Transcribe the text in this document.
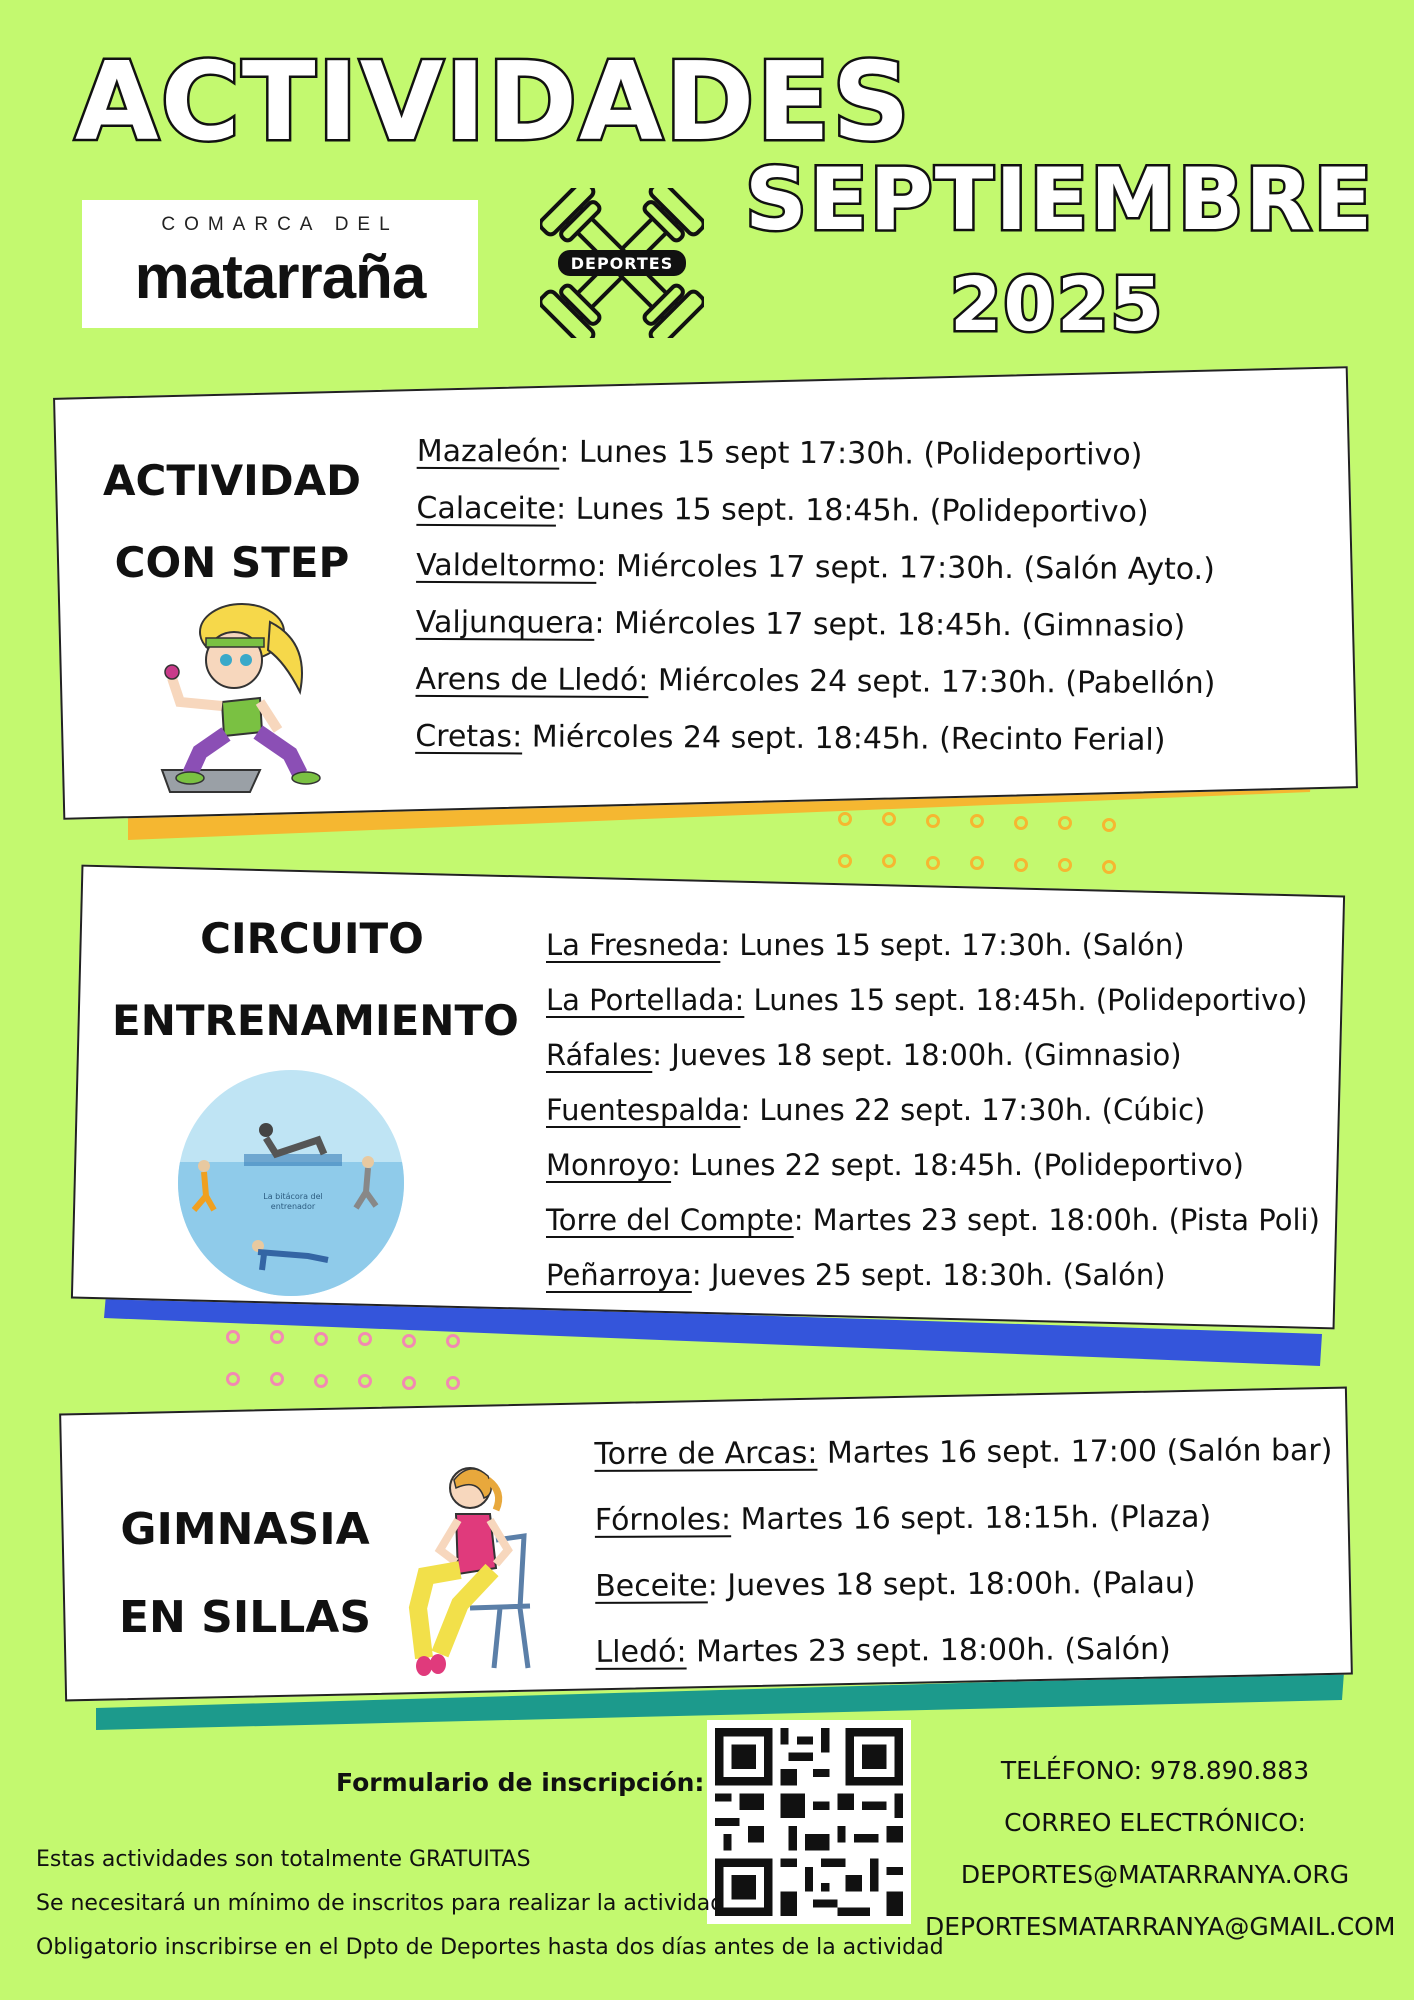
ACTIVIDADES
SEPTIEMBRE
2025
COMARCA DEL
matarraña	DEPORTES
ACTIVIDAD
CON STEP
Mazaleón: Lunes 15 sept 17:30h. (Polideportivo)
Calaceite: Lunes 15 sept. 18:45h. (Polideportivo)
Valdeltormo: Miércoles 17 sept. 17:30h. (Salón Ayto.)
Valjunquera: Miércoles 17 sept. 18:45h. (Gimnasio)
Arens de Lledó: Miércoles 24 sept. 17:30h. (Pabellón)
Cretas: Miércoles 24 sept. 18:45h. (Recinto Ferial)
CIRCUITO
ENTRENAMIENTO
La bitácora del entrenador
La Fresneda: Lunes 15 sept. 17:30h. (Salón)
La Portellada: Lunes 15 sept. 18:45h. (Polideportivo)
Ráfales: Jueves 18 sept. 18:00h. (Gimnasio)
Fuentespalda: Lunes 22 sept. 17:30h. (Cúbic)
Monroyo: Lunes 22 sept. 18:45h. (Polideportivo)
Torre del Compte: Martes 23 sept. 18:00h. (Pista Poli)
Peñarroya: Jueves 25 sept. 18:30h. (Salón)
GIMNASIA
EN SILLAS
Torre de Arcas: Martes 16 sept. 17:00 (Salón bar)
Fórnoles: Martes 16 sept. 18:15h. (Plaza)
Beceite: Jueves 18 sept. 18:00h. (Palau)
Lledó: Martes 23 sept. 18:00h. (Salón)
Formulario de inscripción:
Estas actividades son totalmente GRATUITAS
Se necesitará un mínimo de inscritos para realizar la actividad
Obligatorio inscribirse en el Dpto de Deportes hasta dos días antes de la actividad
TELÉFONO: 978.890.883
CORREO ELECTRÓNICO:
DEPORTES@MATARRANYA.ORG
DEPORTESMATARRANYA@GMAIL.COM
